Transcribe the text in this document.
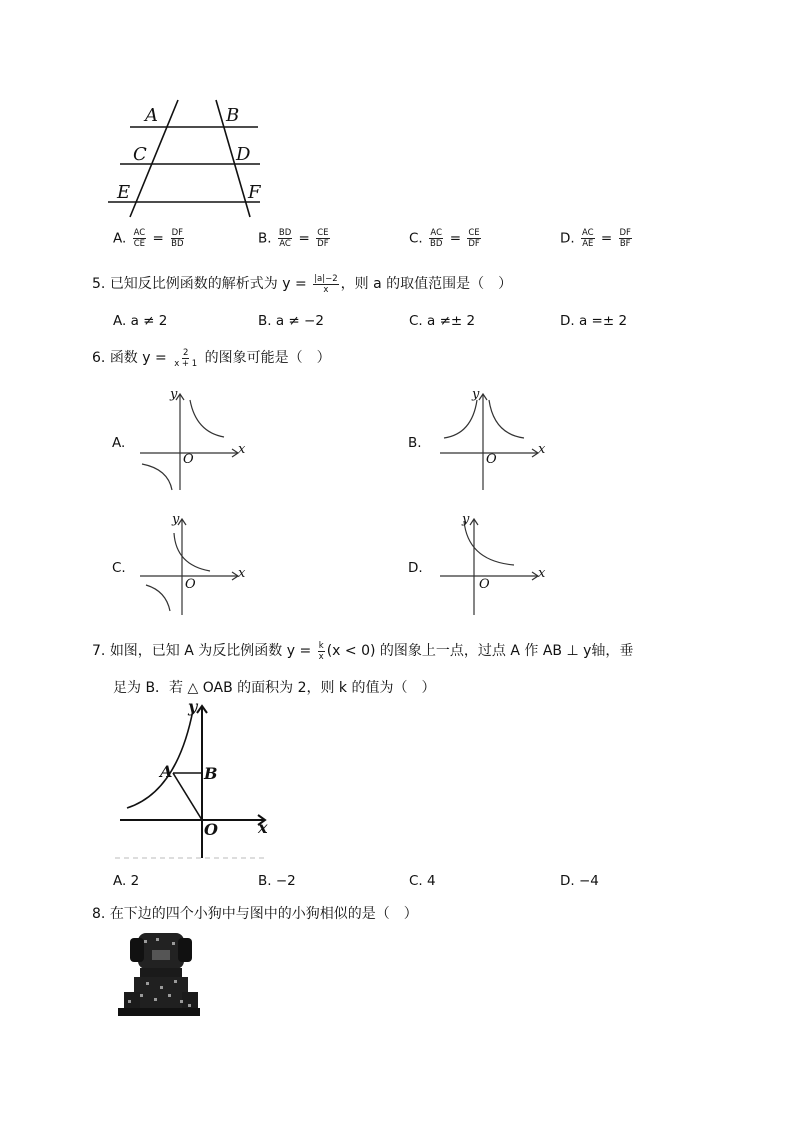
A	B
C	D
E	F
A. $\frac{AC}{CE} = \frac{DF}{BD}$	B. $\frac{BD}{AC} = \frac{CE}{DF}$	C. $\frac{AC}{BD} = \frac{CE}{DF}$	D. $\frac{AC}{AE} = \frac{DF}{BF}$
5. 已知反比例函数的解析式为 $y = \frac{|a|-2}{x}$ ，则 a 的取值范围是（　）
A. a ≠ 2	B. a ≠ −2	C. a ≠± 2	D. a =± 2
6. 函数 $y = \frac{2}{x + 1}$ 的图象可能是（　）
A.
y
x
O
B.
y
x
O
C.
y
x
O
D.
y
x
O
7. 如图，已知 A 为反比例函数 $y = \frac{k}{x} (x < 0)$ 的图象上一点，过点 A 作 AB ⊥ y轴，垂
足为 B．若 △ OAB 的面积为 2，则 k 的值为（　）
y
x
A B
O
A. 2	B. −2	C. 4	D. −4
8. 在下边的四个小狗中与图中的小狗相似的是（　）
